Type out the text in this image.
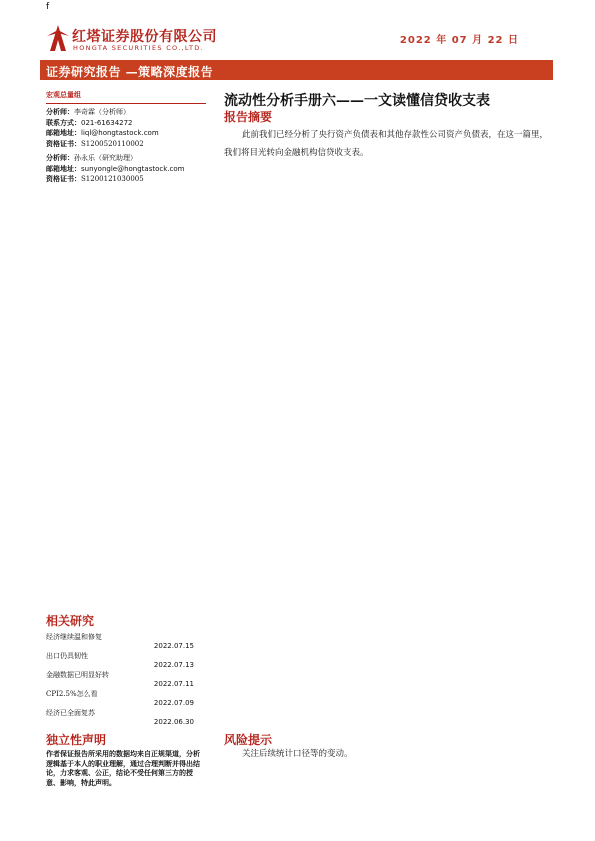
f
红塔证券股份有限公司
HONGTA SECURITIES CO.,LTD.
2022 年 07 月 22 日
证券研究报告 —策略深度报告
宏观总量组
分析师：李奇霖（分析师）
联系方式：021-61634272
邮箱地址：liql@hongtastock.com
资格证书：S1200520110002
分析师：孙永乐（研究助理）
邮箱地址：sunyongle@hongtastock.com
资格证书：S1200121030005
流动性分析手册六——一文读懂信贷收支表
报告摘要
此前我们已经分析了央行资产负债表和其他存款性公司资产负债表，在这一篇里，我们将目光转向金融机构信贷收支表。
相关研究
经济继续温和修复
2022.07.15
出口仍具韧性
2022.07.13
金融数据已明显好转
2022.07.11
CPI2.5%怎么看
2022.07.09
经济已全面复苏
2022.06.30
独立性声明
作者保证报告所采用的数据均来自正规渠道，分析逻辑基于本人的职业理解，通过合理判断并得出结论，力求客观、公正，结论不受任何第三方的授意、影响，特此声明。
风险提示
关注后续统计口径等的变动。
